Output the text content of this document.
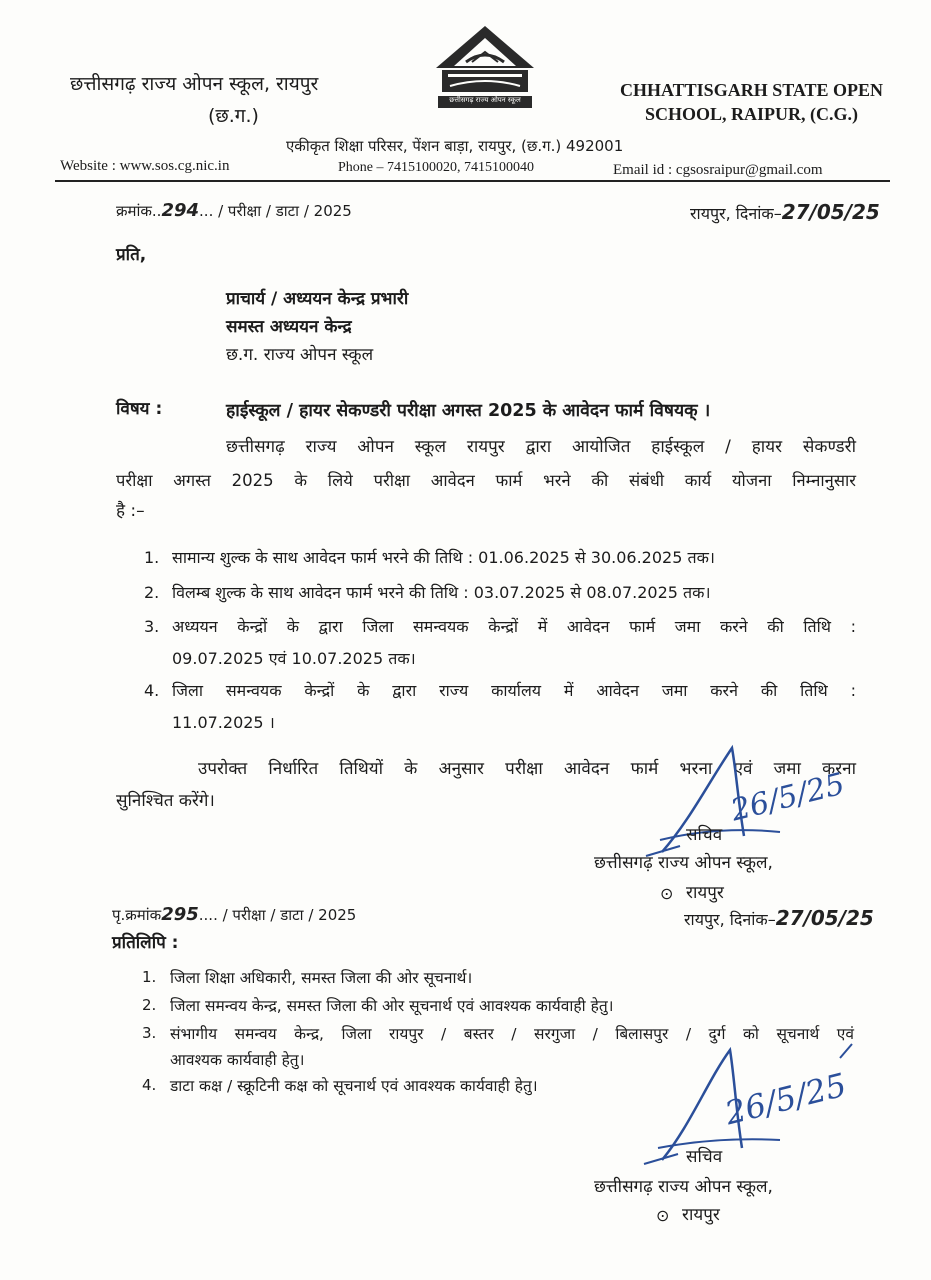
छत्तीसगढ़ राज्य ओपन स्कूल, रायपुर
(छ.ग.)
छत्तीसगढ़ राज्य ओपन स्कूल	CHHATTISGARH STATE OPEN
SCHOOL, RAIPUR, (C.G.)
एकीकृत शिक्षा परिसर, पेंशन बाड़ा, रायपुर, (छ.ग.) 492001
Website : www.sos.cg.nic.in	Phone – 7415100020, 7415100040	Email id : cgsosraipur@gmail.com
क्रमांक..294... / परीक्षा / डाटा / 2025	रायपुर, दिनांक–27/05/25
प्रति,
प्राचार्य / अध्ययन केन्द्र प्रभारी
समस्त अध्ययन केन्द्र
छ.ग. राज्य ओपन स्कूल
विषय :	हाईस्कूल / हायर सेकण्डरी परीक्षा अगस्त 2025 के आवेदन फार्म विषयक् ।
छत्तीसगढ़ राज्य ओपन स्कूल रायपुर द्वारा आयोजित हाईस्कूल / हायर सेकण्डरी
परीक्षा अगस्त 2025 के लिये परीक्षा आवेदन फार्म भरने की संबंधी कार्य योजना निम्नानुसार
है :–
1. सामान्य शुल्क के साथ आवेदन फार्म भरने की तिथि : 01.06.2025 से 30.06.2025 तक।
2. विलम्ब शुल्क के साथ आवेदन फार्म भरने की तिथि : 03.07.2025 से 08.07.2025 तक।
3. अध्ययन केन्द्रों के द्वारा जिला समन्वयक केन्द्रों में आवेदन फार्म जमा करने की तिथि :
09.07.2025 एवं 10.07.2025 तक।
4. जिला समन्वयक केन्द्रों के द्वारा राज्य कार्यालय में आवेदन जमा करने की तिथि :
11.07.2025 ।
उपरोक्त निर्धारित तिथियों के अनुसार परीक्षा आवेदन फार्म भरना एवं जमा करना
सुनिश्चित करेंगे।	26/5/25
सचिव
छत्तीसगढ़ राज्य ओपन स्कूल,
⊙ रायपुर
पृ.क्रमांक295.... / परीक्षा / डाटा / 2025	रायपुर, दिनांक–27/05/25
प्रतिलिपि :
1. जिला शिक्षा अधिकारी, समस्त जिला की ओर सूचनार्थ।
2. जिला समन्वय केन्द्र, समस्त जिला की ओर सूचनार्थ एवं आवश्यक कार्यवाही हेतु।
3. संभागीय समन्वय केन्द्र, जिला रायपुर / बस्तर / सरगुजा / बिलासपुर / दुर्ग को सूचनार्थ एवं
आवश्यक कार्यवाही हेतु।
4. डाटा कक्ष / स्क्रूटिनी कक्ष को सूचनार्थ एवं आवश्यक कार्यवाही हेतु।	26/5/25
सचिव
छत्तीसगढ़ राज्य ओपन स्कूल,
⊙ रायपुर
